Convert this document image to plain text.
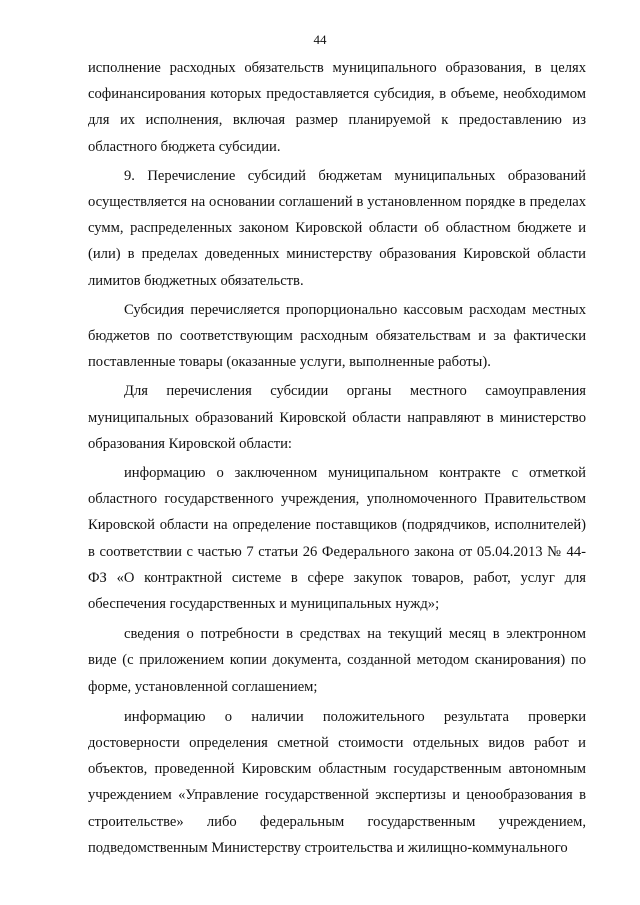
44

исполнение расходных обязательств муниципального образования, в целях софинансирования которых предоставляется субсидия, в объеме, необходимом для их исполнения, включая размер планируемой к предоставлению из областного бюджета субсидии.

9. Перечисление субсидий бюджетам муниципальных образований осуществляется на основании соглашений в установленном порядке в пределах сумм, распределенных законом Кировской области об областном бюджете и (или) в пределах доведенных министерству образования Кировской области лимитов бюджетных обязательств.

Субсидия перечисляется пропорционально кассовым расходам местных бюджетов по соответствующим расходным обязательствам и за фактически поставленные товары (оказанные услуги, выполненные работы).

Для перечисления субсидии органы местного самоуправления муниципальных образований Кировской области направляют в министерство образования Кировской области:

информацию о заключенном муниципальном контракте с отметкой областного государственного учреждения, уполномоченного Правительством Кировской области на определение поставщиков (подрядчиков, исполнителей) в соответствии с частью 7 статьи 26 Федерального закона от 05.04.2013 № 44-ФЗ «О контрактной системе в сфере закупок товаров, работ, услуг для обеспечения государственных и муниципальных нужд»;

сведения о потребности в средствах на текущий месяц в электронном виде (с приложением копии документа, созданной методом сканирования) по форме, установленной соглашением;

информацию о наличии положительного результата проверки достоверности определения сметной стоимости отдельных видов работ и объектов, проведенной Кировским областным государственным автономным учреждением «Управление государственной экспертизы и ценообразования в строительстве» либо федеральным государственным учреждением, подведомственным Министерству строительства и жилищно-коммунального
